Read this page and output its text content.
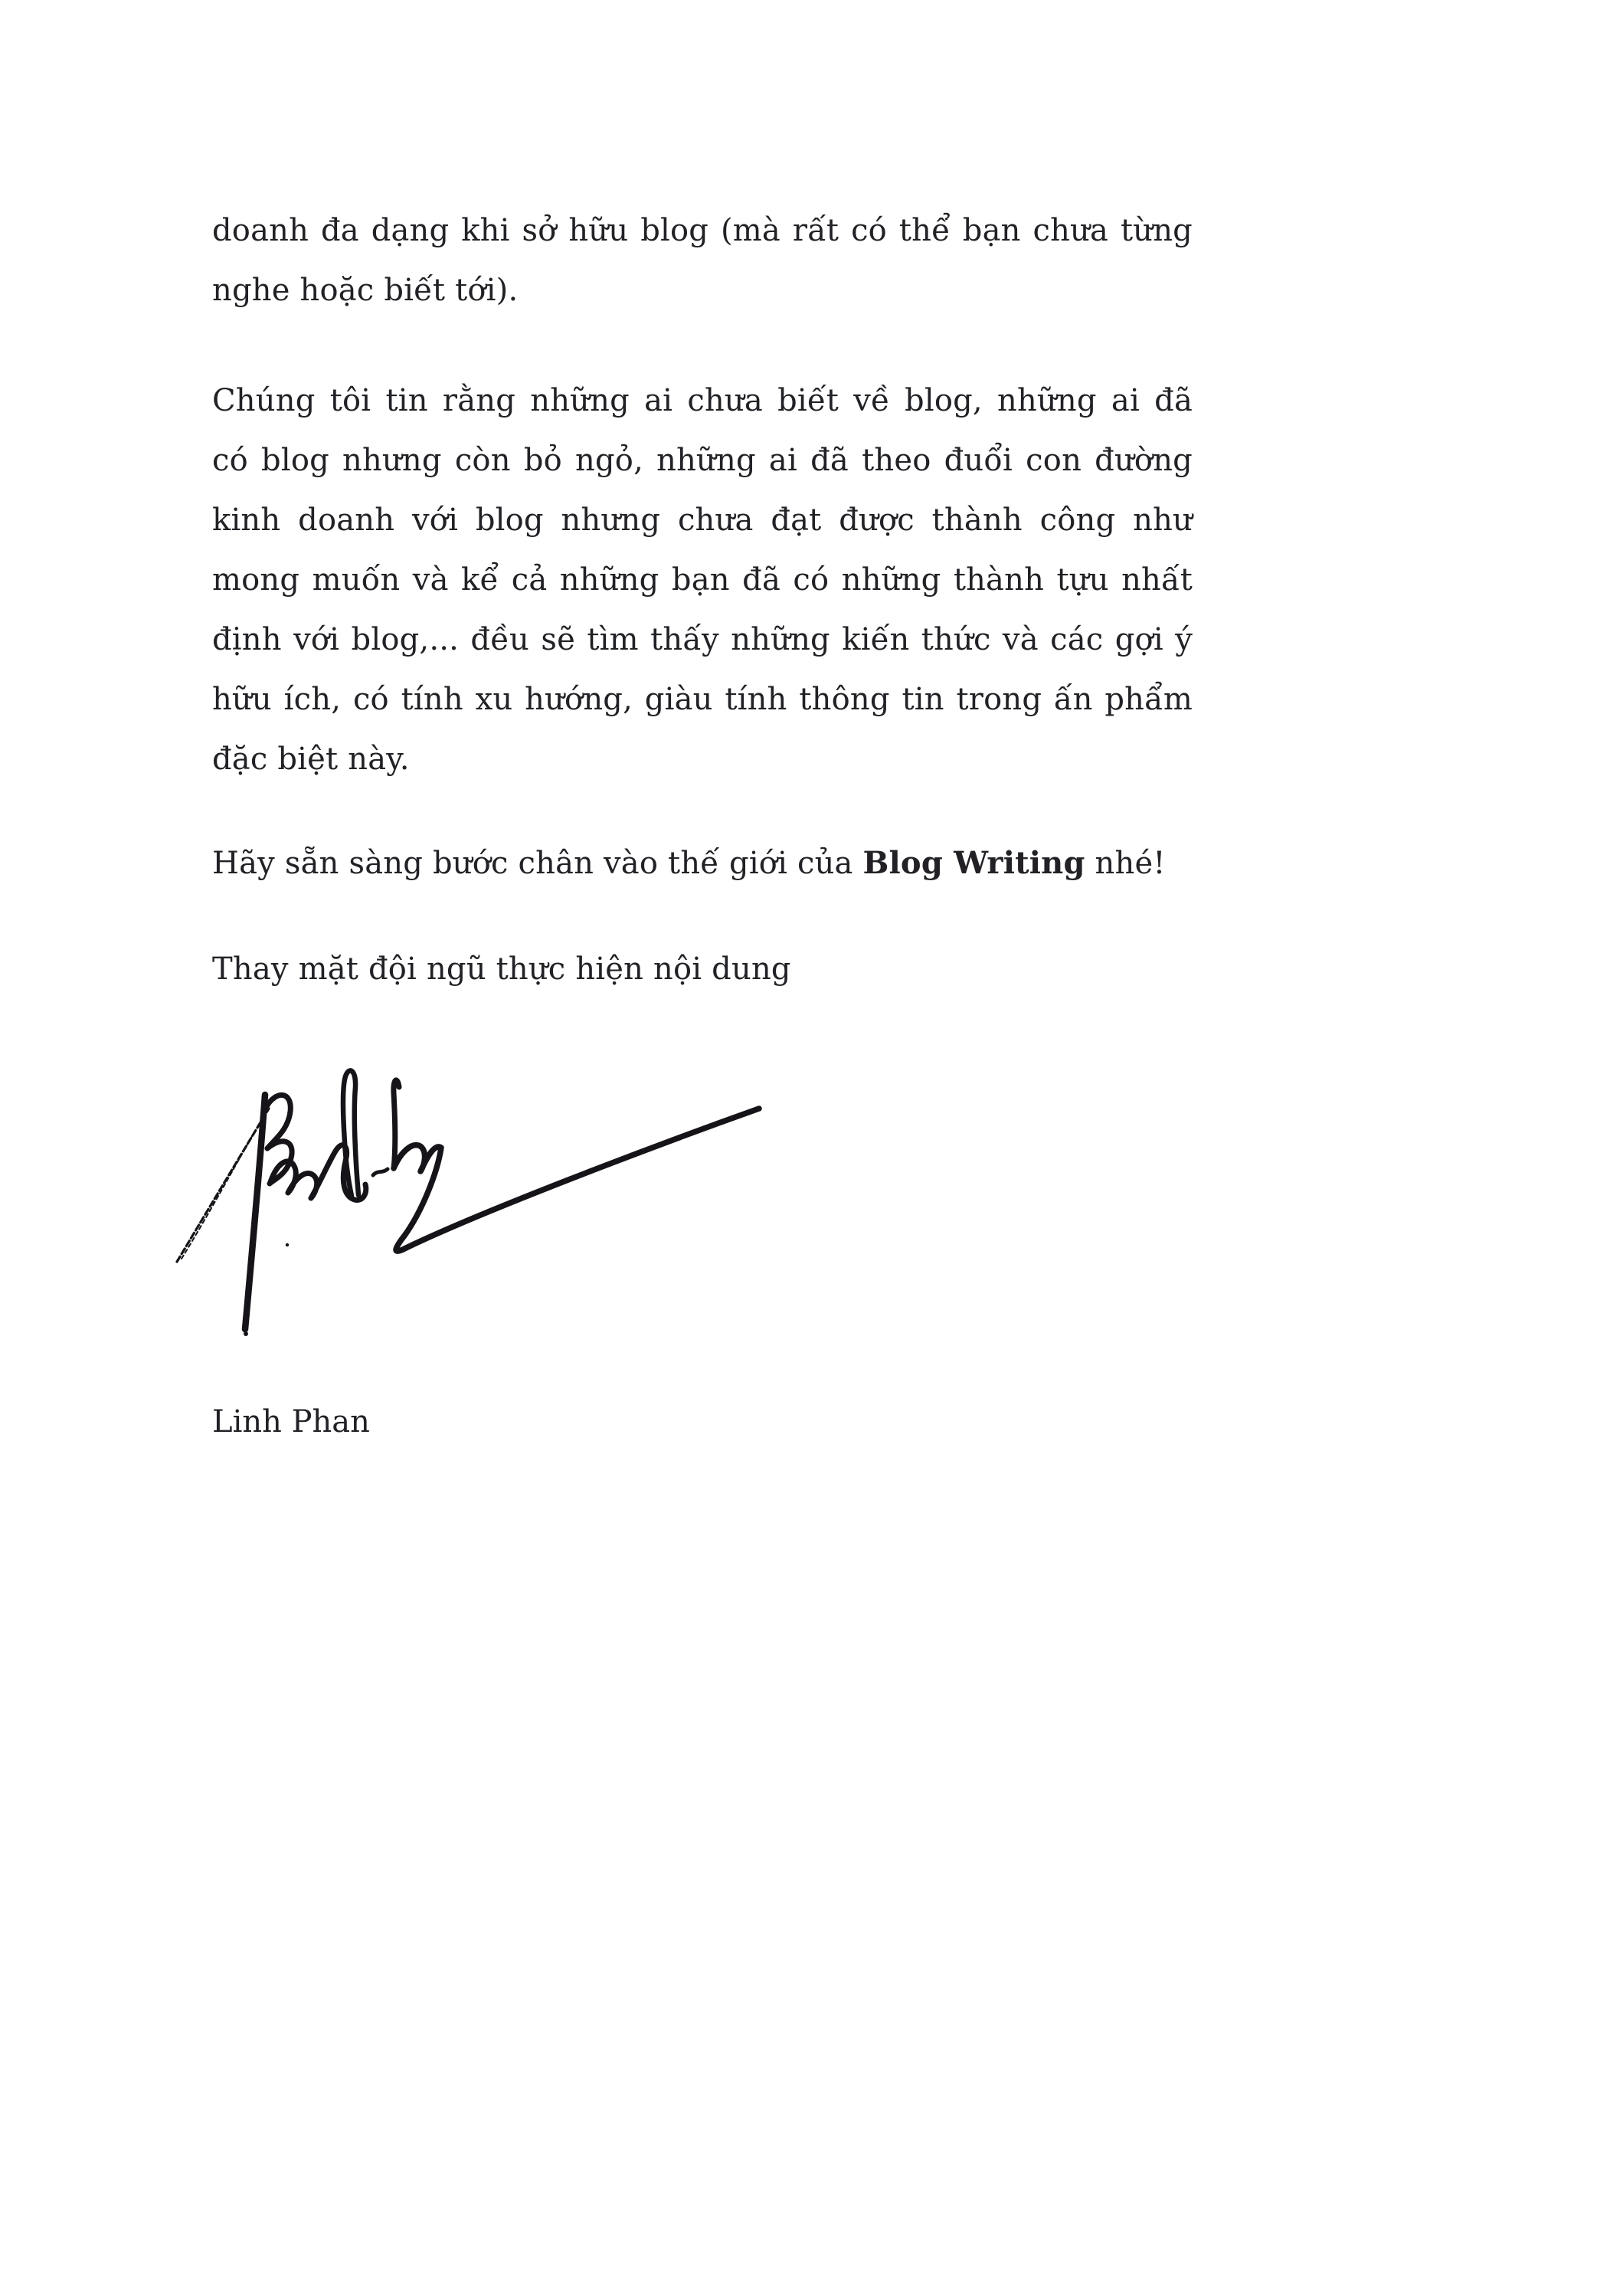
doanh đa dạng khi sở hữu blog (mà rất có thể bạn chưa từng
nghe hoặc biết tới).
Chúng tôi tin rằng những ai chưa biết về blog, những ai đã
có blog nhưng còn bỏ ngỏ, những ai đã theo đuổi con đường
kinh doanh với blog nhưng chưa đạt được thành công như
mong muốn và kể cả những bạn đã có những thành tựu nhất
định với blog,... đều sẽ tìm thấy những kiến thức và các gợi ý
hữu ích, có tính xu hướng, giàu tính thông tin trong ấn phẩm
đặc biệt này.
Hãy sẵn sàng bước chân vào thế giới của Blog Writing nhé!
Thay mặt đội ngũ thực hiện nội dung
Linh Phan
